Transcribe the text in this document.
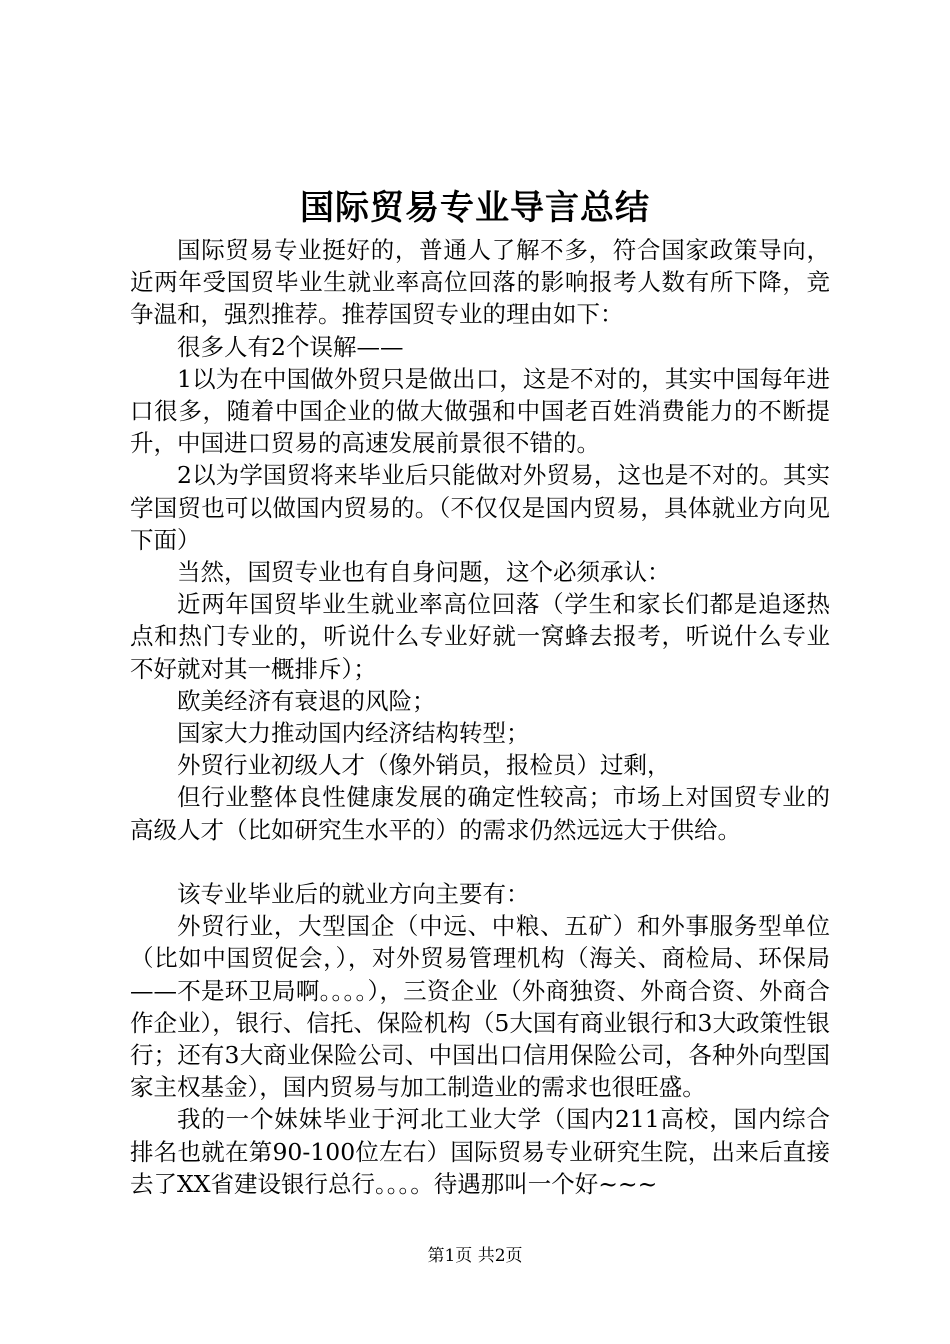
国际贸易专业导言总结

国际贸易专业挺好的，普通人了解不多，符合国家政策导向，近两年受国贸毕业生就业率高位回落的影响报考人数有所下降，竞争温和，强烈推荐。推荐国贸专业的理由如下：

很多人有2个误解——

1以为在中国做外贸只是做出口，这是不对的，其实中国每年进口很多，随着中国企业的做大做强和中国老百姓消费能力的不断提升，中国进口贸易的高速发展前景很不错的。

2以为学国贸将来毕业后只能做对外贸易，这也是不对的。其实学国贸也可以做国内贸易的。（不仅仅是国内贸易，具体就业方向见下面）

当然，国贸专业也有自身问题，这个必须承认：

近两年国贸毕业生就业率高位回落（学生和家长们都是追逐热点和热门专业的，听说什么专业好就一窝蜂去报考，听说什么专业不好就对其一概排斥）；

欧美经济有衰退的风险；

国家大力推动国内经济结构转型；

外贸行业初级人才（像外销员，报检员）过剩，

但行业整体良性健康发展的确定性较高；市场上对国贸专业的高级人才（比如研究生水平的）的需求仍然远远大于供给。

该专业毕业后的就业方向主要有：

外贸行业，大型国企（中远、中粮、五矿）和外事服务型单位（比如中国贸促会，），对外贸易管理机构（海关、商检局、环保局——不是环卫局啊。。。。），三资企业（外商独资、外商合资、外商合作企业），银行、信托、保险机构（5大国有商业银行和3大政策性银行；还有3大商业保险公司、中国出口信用保险公司，各种外向型国家主权基金），国内贸易与加工制造业的需求也很旺盛。

我的一个妹妹毕业于河北工业大学（国内211高校，国内综合排名也就在第90-100位左右）国际贸易专业研究生院，出来后直接去了XX省建设银行总行。。。。待遇那叫一个好~~~

第1页 共2页
